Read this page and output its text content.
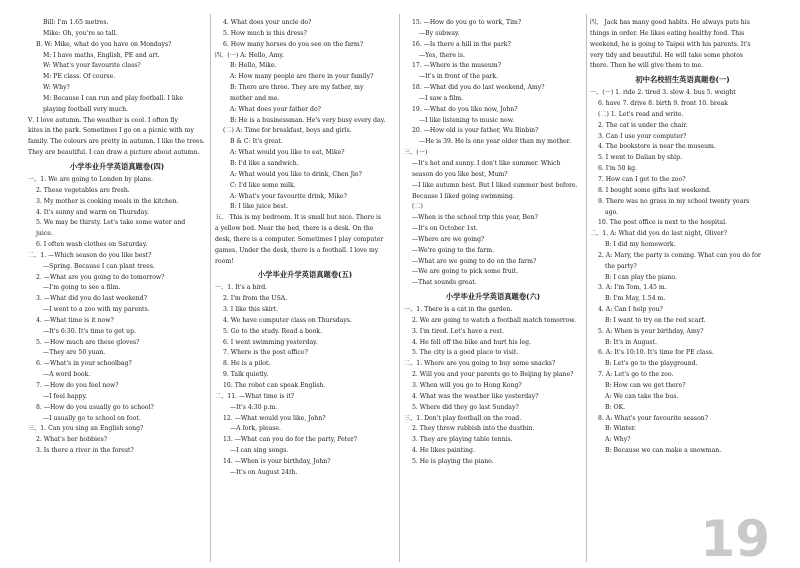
Bill: I'm 1.65 metres.
Mike: Oh, you're so tall.
B. W: Mike, what do you have on Mondays?
M: I have maths, English, PE and art.
W: What's your favourite class?
M: PE class. Of course.
W: Why?
M: Because I can run and play football. I like
playing football very much.
Ⅴ. I love autumn. The weather is cool. I often fly
kites in the park. Sometimes I go on a picnic with my
family. The colours are pretty in autumn. I like the trees.
They are beautiful. I can draw a picture about autumn.
小学毕业升学英语真题卷(四)
一、1. We are going to London by plane.
2. These vegetables are fresh.
3. My mother is cooking meals in the kitchen.
4. It's sunny and warm on Thursday.
5. We may be thirsty. Let's take some water and
juice.
6. I often wash clothes on Saturday.
二、1. —Which season do you like best?
—Spring. Because I can plant trees.
2. —What are you going to do tomorrow?
—I'm going to see a film.
3. —What did you do last weekend?
—I went to a zoo with my parents.
4. —What time is it now?
—It's 6:30. It's time to get up.
5. —How much are these gloves?
—They are 50 yuan.
6. —What's in your schoolbag?
—A word book.
7. —How do you feel now?
—I feel happy.
8. —How do you usually go to school?
—I usually go to school on foot.
三、1. Can you sing an English song?
2. What's her hobbies?
3. Is there a river in the forest?
4. What does your uncle do?
5. How much is this dress?
6. How many horses do you see on the farm?
四、(一) A: Hello, Amy.
B: Hello, Mike.
A: How many people are there in your family?
B: There are three. They are my father, my
mother and me.
A: What does your father do?
B: He is a businessman. He's very busy every day.
(二) A: Time for breakfast, boys and girls.
B & C: It's great.
A: What would you like to eat, Mike?
B: I'd like a sandwich.
A: What would you like to drink, Chen Jie?
C: I'd like some milk.
A: What's your favourite drink, Mike?
B: I like juice best.
五、 This is my bedroom. It is small but nice. There is
a yellow bed. Near the bed, there is a desk. On the
desk, there is a computer. Sometimes I play computer
games. Under the desk, there is a football. I love my
room!
小学毕业升学英语真题卷(五)
一、1. It's a bird.
2. I'm from the USA.
3. I like this skirt.
4. We have computer class on Thursdays.
5. Go to the study. Read a book.
6. I went swimming yesterday.
7. Where is the post office?
8. He is a pilot.
9. Talk quietly.
10. The robot can speak English.
二、11. —What time is it?
—It's 4:30 p.m.
12. —What would you like, John?
—A fork, please.
13. —What can you do for the party, Peter?
—I can sing songs.
14. —When is your birthday, John?
—It's on August 24th.
15. —How do you go to work, Tim?
—By subway.
16. —Is there a hill in the park?
—Yes, there is.
17. —Where is the museum?
—It's in front of the park.
18. —What did you do last weekend, Amy?
—I saw a film.
19. —What do you like now, John?
—I like listening to music now.
20. —How old is your father, Wu Binbin?
—He is 39. He is one year older than my mother.
三、(一)
—It's hot and sunny. I don't like summer. Which
season do you like best, Mum?
—I like autumn best. But I liked summer best before.
Because I liked going swimming.
(二)
—When is the school trip this year, Ben?
—It's on October 1st.
—Where are we going?
—We're going to the farm.
—What are we going to do on the farm?
—We are going to pick some fruit.
—That sounds great.
小学毕业升学英语真题卷(六)
一、1. There is a cat in the garden.
2. We are going to watch a football match tomorrow.
3. I'm tired. Let's have a rest.
4. He fell off the bike and hurt his leg.
5. The city is a good place to visit.
二、1. Where are you going to buy some snacks?
2. Will you and your parents go to Beijing by plane?
3. When will you go to Hong Kong?
4. What was the weather like yesterday?
5. Where did they go last Sunday?
三、1. Don't play football on the road.
2. They threw rubbish into the dustbin.
3. They are playing table tennis.
4. He likes painting.
5. He is playing the piano.
四、 Jack has many good habits. He always puts his
things in order. He likes eating healthy food. This
weekend, he is going to Taipei with his parents. It's
very tidy and beautiful. He will take some photos
there. Then he will give them to me.
初中名校招生英语真题卷(一)
一、(一) 1. ride 2. tired 3. slow 4. bus 5. weight
6. have 7. drive 8. birth 9. front 10. break
(二) 1. Let's read and write.
2. The cat is under the chair.
3. Can I use your computer?
4. The bookstore is near the museum.
5. I went to Dalian by ship.
6. I'm 50 kg.
7. How can I get to the zoo?
8. I bought some gifts last weekend.
9. There was no grass in my school twenty years
ago.
10. The post office is next to the hospital.
二、1. A: What did you do last night, Oliver?
B: I did my homework.
2. A: Mary, the party is coming. What can you do for
the party?
B: I can play the piano.
3. A: I'm Tom, 1.45 m.
B: I'm May, 1.54 m.
4. A: Can I help you?
B: I want to try on the red scarf.
5. A: When is your birthday, Amy?
B: It's in August.
6. A: It's 10:10. It's time for PE class.
B: Let's go to the playground.
7. A: Let's go to the zoo.
B: How can we get there?
A: We can take the bus.
B: OK.
8. A: What's your favourite season?
B: Winter.
A: Why?
B: Because we can make a snowman.
19
